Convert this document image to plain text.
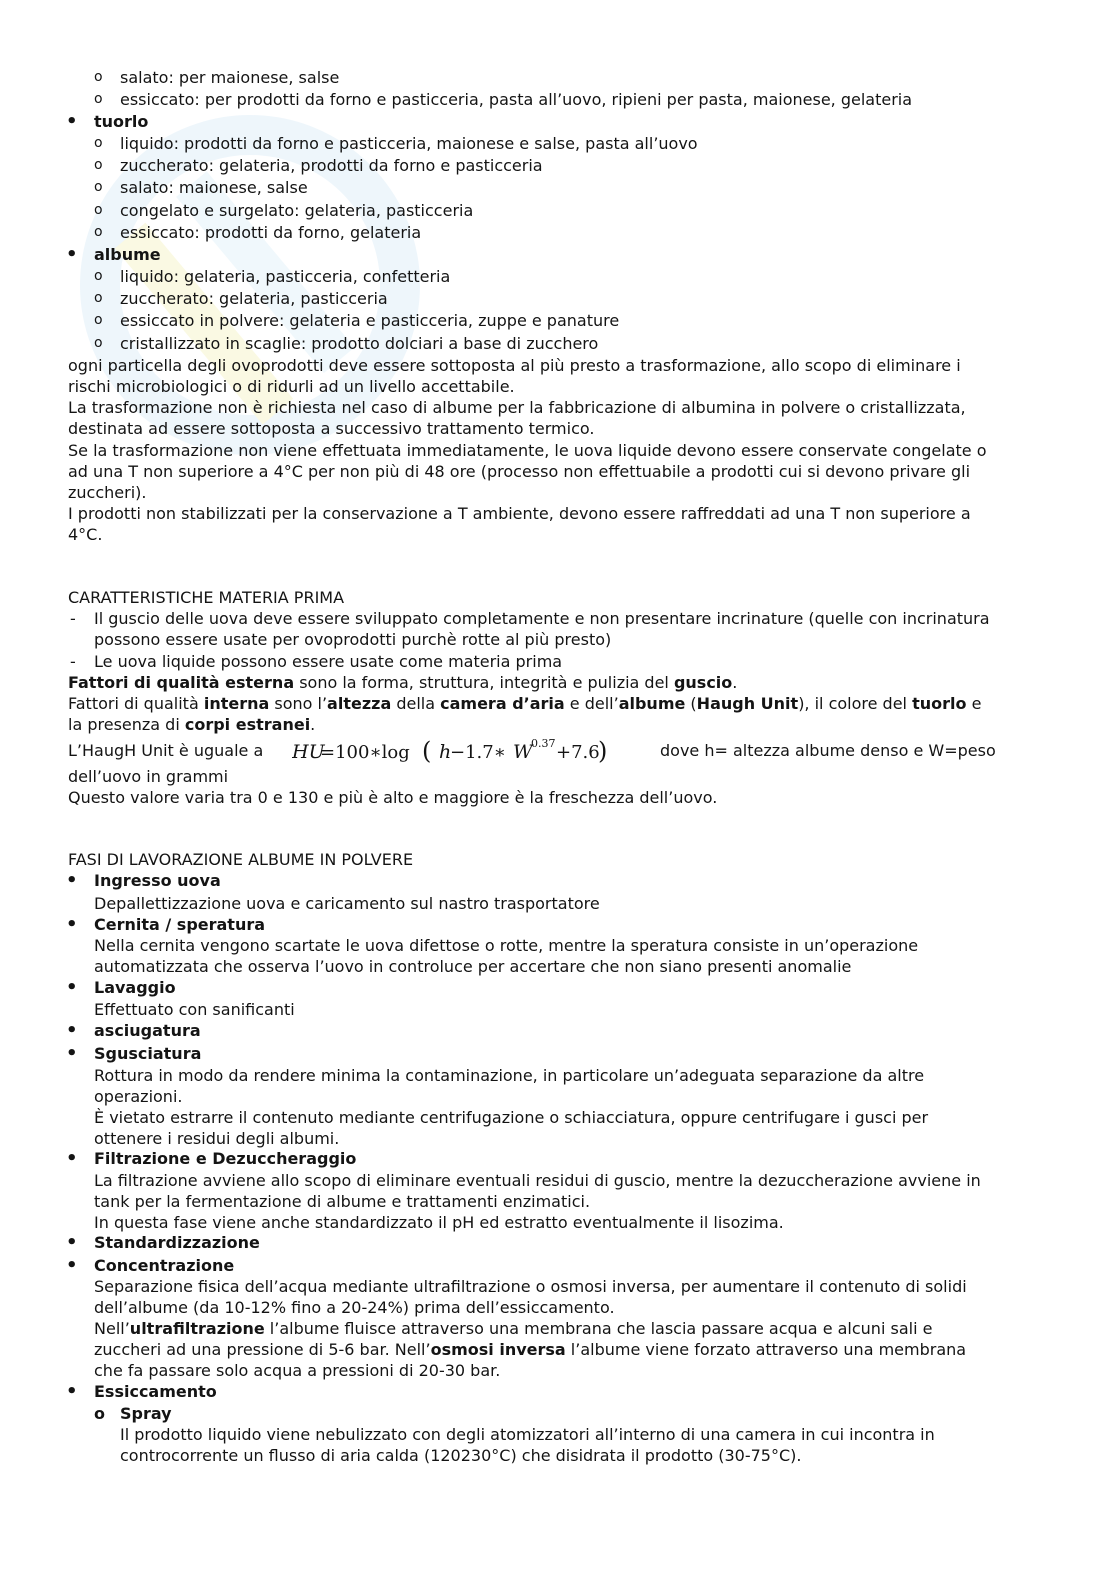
o salato: per maionese, salse
o essiccato: per prodotti da forno e pasticceria, pasta all’uovo, ripieni per pasta, maionese, gelateria
• tuorlo
o liquido: prodotti da forno e pasticceria, maionese e salse, pasta all’uovo
o zuccherato: gelateria, prodotti da forno e pasticceria
o salato: maionese, salse
o congelato e surgelato: gelateria, pasticceria
o essiccato: prodotti da forno, gelateria
• albume
o liquido: gelateria, pasticceria, confetteria
o zuccherato: gelateria, pasticceria
o essiccato in polvere: gelateria e pasticceria, zuppe e panature
o cristallizzato in scaglie: prodotto dolciari a base di zucchero
ogni particella degli ovoprodotti deve essere sottoposta al più presto a trasformazione, allo scopo di eliminare i
rischi microbiologici o di ridurli ad un livello accettabile.
La trasformazione non è richiesta nel caso di albume per la fabbricazione di albumina in polvere o cristallizzata,
destinata ad essere sottoposta a successivo trattamento termico.
Se la trasformazione non viene effettuata immediatamente, le uova liquide devono essere conservate congelate o
ad una T non superiore a 4°C per non più di 48 ore (processo non effettuabile a prodotti cui si devono privare gli
zuccheri).
I prodotti non stabilizzati per la conservazione a T ambiente, devono essere raffreddati ad una T non superiore a
4°C.
CARATTERISTICHE MATERIA PRIMA
- Il guscio delle uova deve essere sviluppato completamente e non presentare incrinature (quelle con incrinatura
possono essere usate per ovoprodotti purchè rotte al più presto)
- Le uova liquide possono essere usate come materia prima
Fattori di qualità esterna sono la forma, struttura, integrità e pulizia del guscio.
Fattori di qualità interna sono l’altezza della camera d’aria e dell’albume (Haugh Unit), il colore del tuorlo e
la presenza di corpi estranei.
L’HaugH Unit è uguale a HU
=100∗log ( h
−1.7∗ W
0.37 +7.6
)	dove h= altezza albume denso e W=peso
dell’uovo in grammi
Questo valore varia tra 0 e 130 e più è alto e maggiore è la freschezza dell’uovo.
FASI DI LAVORAZIONE ALBUME IN POLVERE
• Ingresso uova
Depallettizzazione uova e caricamento sul nastro trasportatore
• Cernita / speratura
Nella cernita vengono scartate le uova difettose o rotte, mentre la speratura consiste in un’operazione
automatizzata che osserva l’uovo in controluce per accertare che non siano presenti anomalie
• Lavaggio
Effettuato con sanificanti
• asciugatura
• Sgusciatura
Rottura in modo da rendere minima la contaminazione, in particolare un’adeguata separazione da altre
operazioni.
È vietato estrarre il contenuto mediante centrifugazione o schiacciatura, oppure centrifugare i gusci per
ottenere i residui degli albumi.
• Filtrazione e Dezuccheraggio
La filtrazione avviene allo scopo di eliminare eventuali residui di guscio, mentre la dezuccherazione avviene in
tank per la fermentazione di albume e trattamenti enzimatici.
In questa fase viene anche standardizzato il pH ed estratto eventualmente il lisozima.
• Standardizzazione
• Concentrazione
Separazione fisica dell’acqua mediante ultrafiltrazione o osmosi inversa, per aumentare il contenuto di solidi
dell’albume (da 10-12% fino a 20-24%) prima dell’essiccamento.
Nell’ultrafiltrazione l’albume fluisce attraverso una membrana che lascia passare acqua e alcuni sali e
zuccheri ad una pressione di 5-6 bar. Nell’osmosi inversa l’albume viene forzato attraverso una membrana
che fa passare solo acqua a pressioni di 20-30 bar.
• Essiccamento
o Spray
Il prodotto liquido viene nebulizzato con degli atomizzatori all’interno di una camera in cui incontra in
controcorrente un flusso di aria calda (120230°C) che disidrata il prodotto (30-75°C).
